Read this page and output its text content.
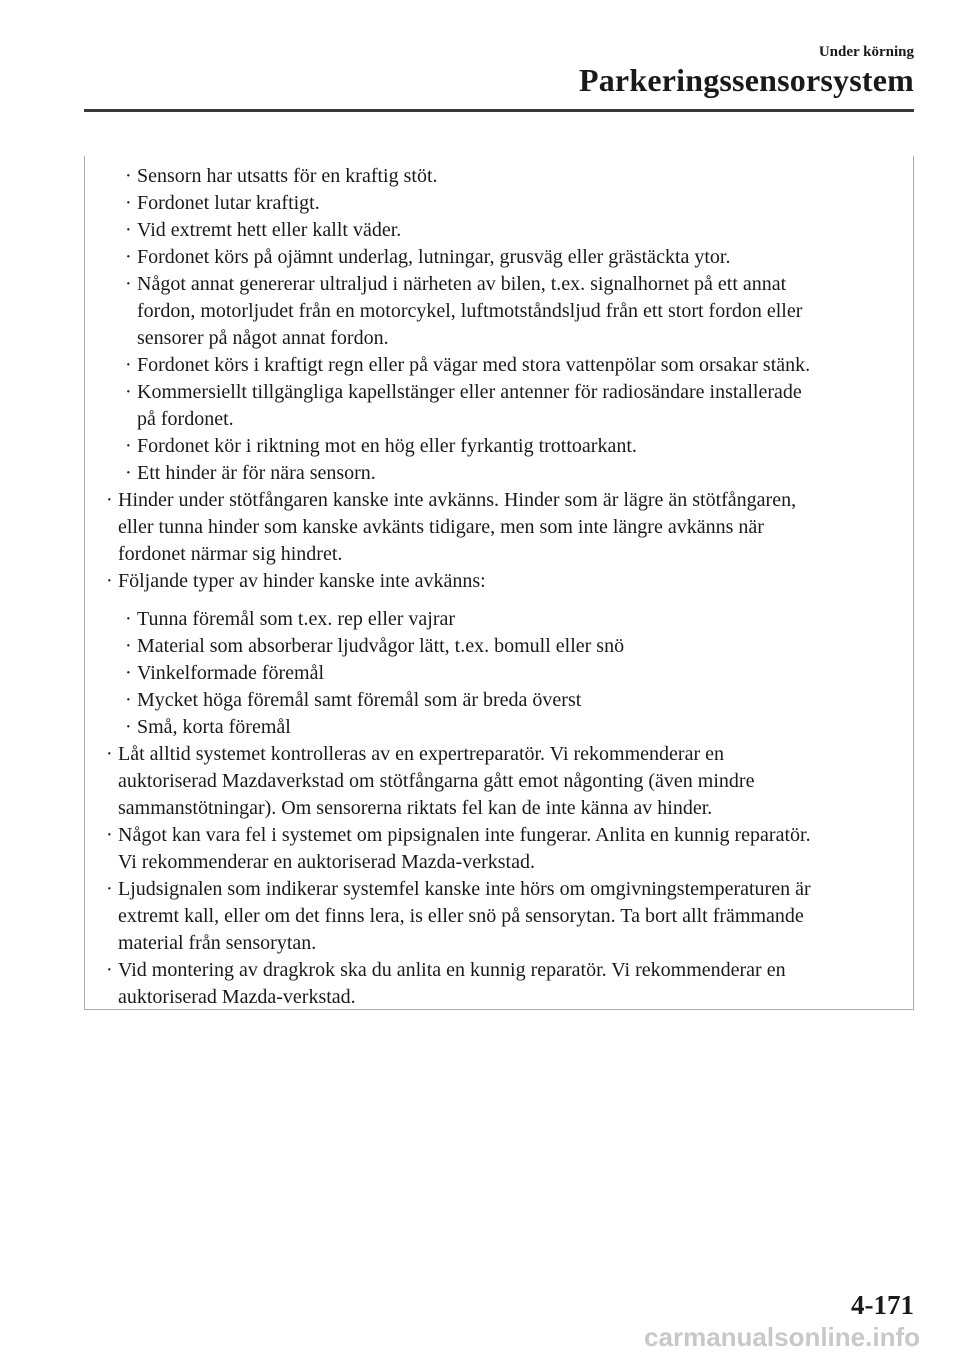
Under körning
Parkeringssensorsystem
· Sensorn har utsatts för en kraftig stöt.
· Fordonet lutar kraftigt.
· Vid extremt hett eller kallt väder.
· Fordonet körs på ojämnt underlag, lutningar, grusväg eller grästäckta ytor.
· Något annat genererar ultraljud i närheten av bilen, t.ex. signalhornet på ett annat
fordon, motorljudet från en motorcykel, luftmotståndsljud från ett stort fordon eller
sensorer på något annat fordon.
· Fordonet körs i kraftigt regn eller på vägar med stora vattenpölar som orsakar stänk.
· Kommersiellt tillgängliga kapellstänger eller antenner för radiosändare installerade
på fordonet.
· Fordonet kör i riktning mot en hög eller fyrkantig trottoarkant.
· Ett hinder är för nära sensorn.
· Hinder under stötfångaren kanske inte avkänns. Hinder som är lägre än stötfångaren,
eller tunna hinder som kanske avkänts tidigare, men som inte längre avkänns när
fordonet närmar sig hindret.
· Följande typer av hinder kanske inte avkänns:
· Tunna föremål som t.ex. rep eller vajrar
· Material som absorberar ljudvågor lätt, t.ex. bomull eller snö
· Vinkelformade föremål
· Mycket höga föremål samt föremål som är breda överst
· Små, korta föremål
· Låt alltid systemet kontrolleras av en expertreparatör. Vi rekommenderar en
auktoriserad Mazdaverkstad om stötfångarna gått emot någonting (även mindre
sammanstötningar). Om sensorerna riktats fel kan de inte känna av hinder.
· Något kan vara fel i systemet om pipsignalen inte fungerar. Anlita en kunnig reparatör.
Vi rekommenderar en auktoriserad Mazda-verkstad.
· Ljudsignalen som indikerar systemfel kanske inte hörs om omgivningstemperaturen är
extremt kall, eller om det finns lera, is eller snö på sensorytan. Ta bort allt främmande
material från sensorytan.
· Vid montering av dragkrok ska du anlita en kunnig reparatör. Vi rekommenderar en
auktoriserad Mazda-verkstad.
4-171
carmanualsonline.info
